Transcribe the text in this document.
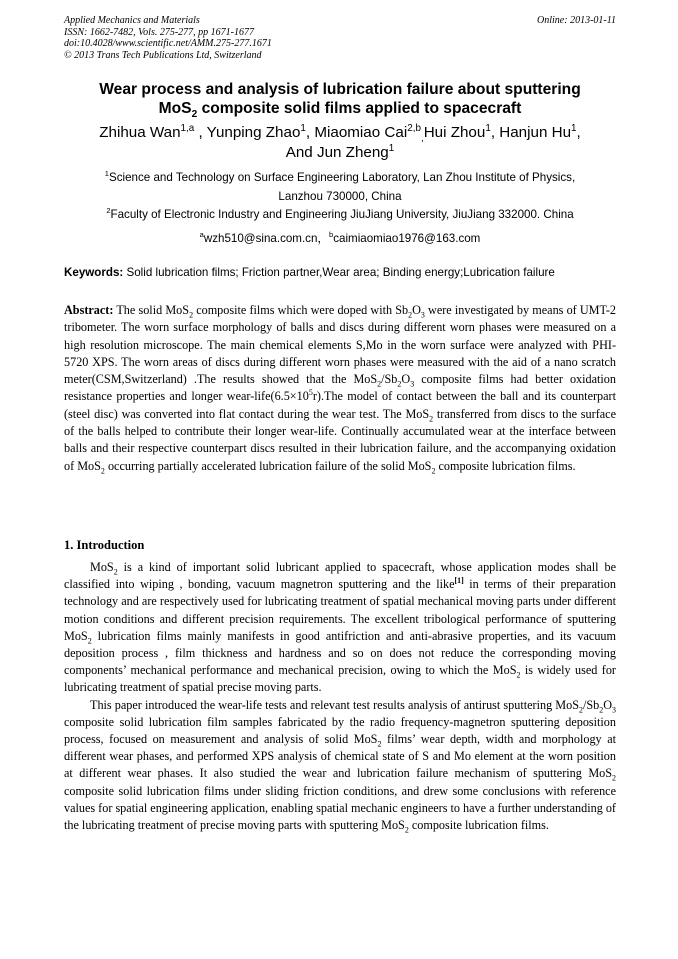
Applied Mechanics and Materials
ISSN: 1662-7482, Vols. 275-277, pp 1671-1677
doi:10.4028/www.scientific.net/AMM.275-277.1671
© 2013 Trans Tech Publications Ltd, Switzerland
Online: 2013-01-11
Wear process and analysis of lubrication failure about sputtering
MoS$_2$ composite solid films applied to spacecraft
Zhihua Wan$^{1,a}$ , Yunping Zhao$^1$, Miaomiao Cai$^{2,b}_,$Hui Zhou$^1$, Hanjun Hu$^1$,
And Jun Zheng$^1$
$^1$Science and Technology on Surface Engineering Laboratory, Lan Zhou Institute of Physics,
Lanzhou 730000, China
$^2$Faculty of Electronic Industry and Engineering JiuJiang University, JiuJiang 332000. China
$^a$wzh510@sina.com.cn，$^b$caimiaomiao1976@163.com
Keywords: Solid lubrication films; Friction partner,Wear area; Binding energy;Lubrication failure
Abstract: The solid MoS$_2$ composite films which were doped with $Sb_2O_3$ were investigated by means of UMT-2 tribometer. The worn surface morphology of balls and discs during different worn phases were measured on a high resolution microscope. The main chemical elements S,Mo in the worn surface were analyzed with PHI-5720 XPS. The worn areas of discs during different worn phases were measured with the aid of a nano scratch meter(CSM,Switzerland) .The results showed that the $MoS_2/Sb_2O_3$ composite films had better oxidation resistance properties and longer wear-$life(6.5\times 10^5r).The$ model of contact between the ball and its counterpart (steel disc) was converted into flat contact during the wear test. The MoS$_2$ transferred from discs to the surface of the balls helped to contribute their longer wear-life. Continually accumulated wear at the interface between balls and their respective counterpart discs resulted in their lubrication failure, and the accompanying oxidation of MoS$_2$ occurring partially accelerated lubrication failure of the solid MoS$_2$ composite lubrication films.
1. Introduction

MoS$_2$ is a kind of important solid lubricant applied to spacecraft, whose application modes shall be classified into wiping , bonding, vacuum magnetron sputtering and the like[1] in terms of their preparation technology and are respectively used for lubricating treatment of spatial mechanical moving parts under different motion conditions and different precision requirements. The excellent tribological performance of sputtering MoS$_2$ lubrication films mainly manifests in good antifriction and anti-abrasive properties, and its vacuum deposition process , film thickness and hardness and so on does not reduce the corresponding moving components’ mechanical performance and mechanical precision, owing to which the MoS$_2$ is widely used for lubricating treatment of spatial precise moving parts.

This paper introduced the wear-life tests and relevant test results analysis of antirust sputtering $MoS_2/Sb_2O_3$ composite solid lubrication film samples fabricated by the radio frequency-magnetron sputtering deposition process, focused on measurement and analysis of solid MoS$_2$ films’ wear depth, width and morphology at different wear phases, and performed XPS analysis of chemical state of S and Mo element at the worn position at different wear phases. It also studied the wear and lubrication failure mechanism of sputtering MoS$_2$ composite solid lubrication films under sliding friction conditions, and drew some conclusions with reference values for spatial engineering application, enabling spatial mechanic engineers to have a further understanding of the lubricating treatment of precise moving parts with sputtering MoS$_2$ composite lubrication films.
